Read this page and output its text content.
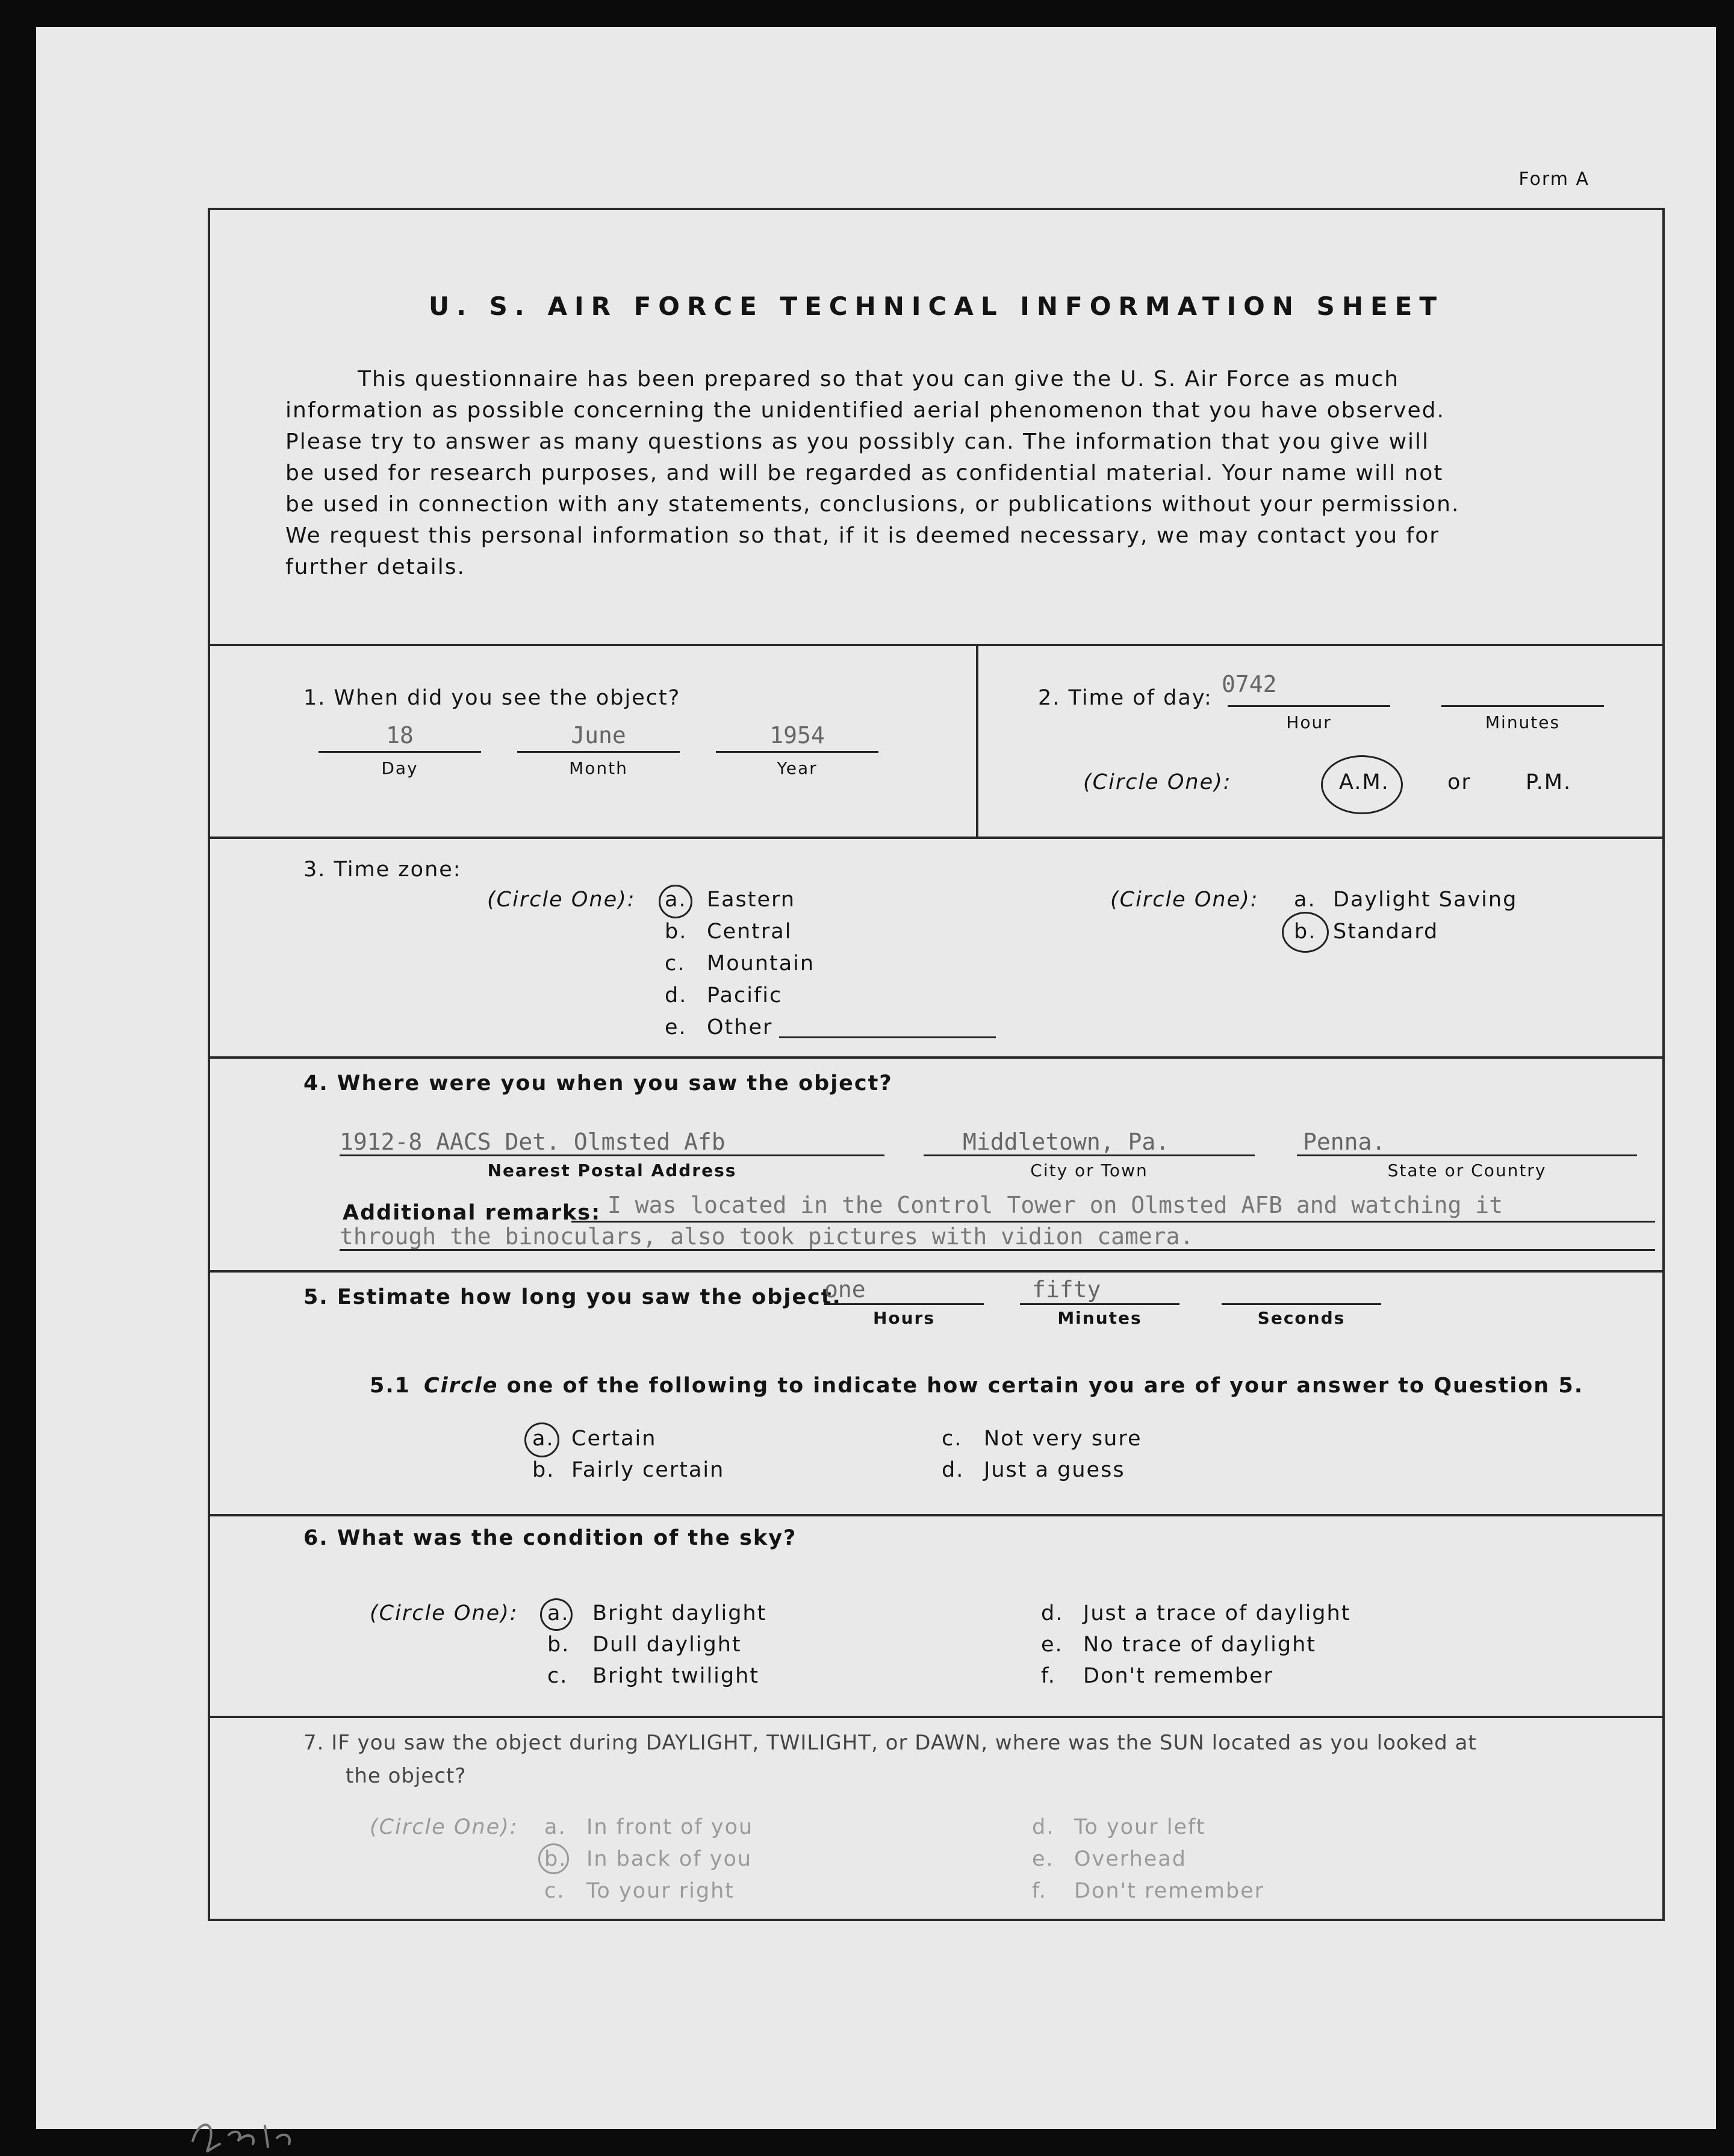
Form A
U. S. AIR FORCE TECHNICAL INFORMATION SHEET

This questionnaire has been prepared so that you can give the U. S. Air Force as much

information as possible concerning the unidentified aerial phenomenon that you have observed.

Please try to answer as many questions as you possibly can. The information that you give will

be used for research purposes, and will be regarded as confidential material. Your name will not

be used in connection with any statements, conclusions, or publications without your permission.

We request this personal information so that, if it is deemed necessary, we may contact you for

further details.

1. When did you see the object?
18
Day
June
Month
1954
Year
2. Time of day:
0742
Hour	Minutes
(Circle One):	A.M.	or	P.M.
3. Time zone:
(Circle One): a. Eastern
b. Central
c. Mountain
d. Pacific
e. Other
(Circle One): a. Daylight Saving
b. Standard
4. Where were you when you saw the object?
1912-8 AACS Det. Olmsted Afb
Nearest Postal Address
Middletown, Pa.
City or Town
Penna.
State or Country
Additional remarks: I was located in the Control Tower on Olmsted AFB and watching it
through the binoculars, also took pictures with vidion camera.
5. Estimate how long you saw the object.
one
Hours
fifty
Minutes	Seconds
5.1 Circle one of the following to indicate how certain you are of your answer to Question 5.
a. Certain
b. Fairly certain
c. Not very sure
d. Just a guess
6. What was the condition of the sky?
(Circle One): a. Bright daylight
b. Dull daylight
c. Bright twilight
d. Just a trace of daylight
e. No trace of daylight
f. Don't remember
7. IF you saw the object during DAYLIGHT, TWILIGHT, or DAWN, where was the SUN located as you looked at
the object?
(Circle One): a. In front of you
b. In back of you
c. To your right
d. To your left
e. Overhead
f. Don't remember
